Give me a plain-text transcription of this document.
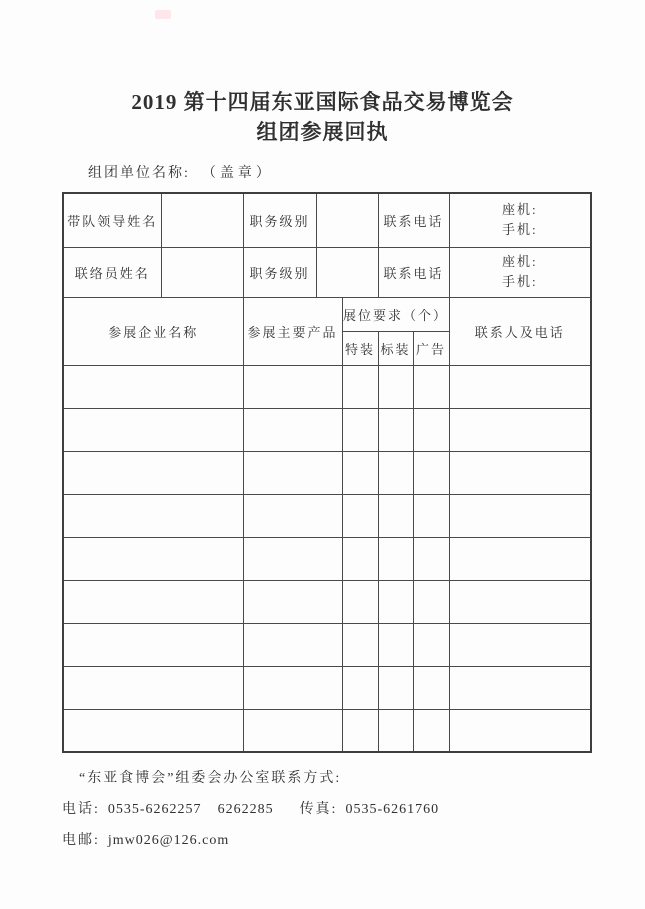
2019 第十四届东亚国际食品交易博览会
组团参展回执
组团单位名称: （盖章）
带队领导姓名		职务级别			联系电话		座机:
手机:

联络员姓名		职务级别			联系电话		座机:
手机:

参展企业名称		参展主要产品		展位要求（个）			联系人及电话
				特装	标装	广告	

“东亚食博会”组委会办公室联系方式:
电话: 0535-6262257 6262285 传真: 0535-6261760
电邮: jmw026@126.com
